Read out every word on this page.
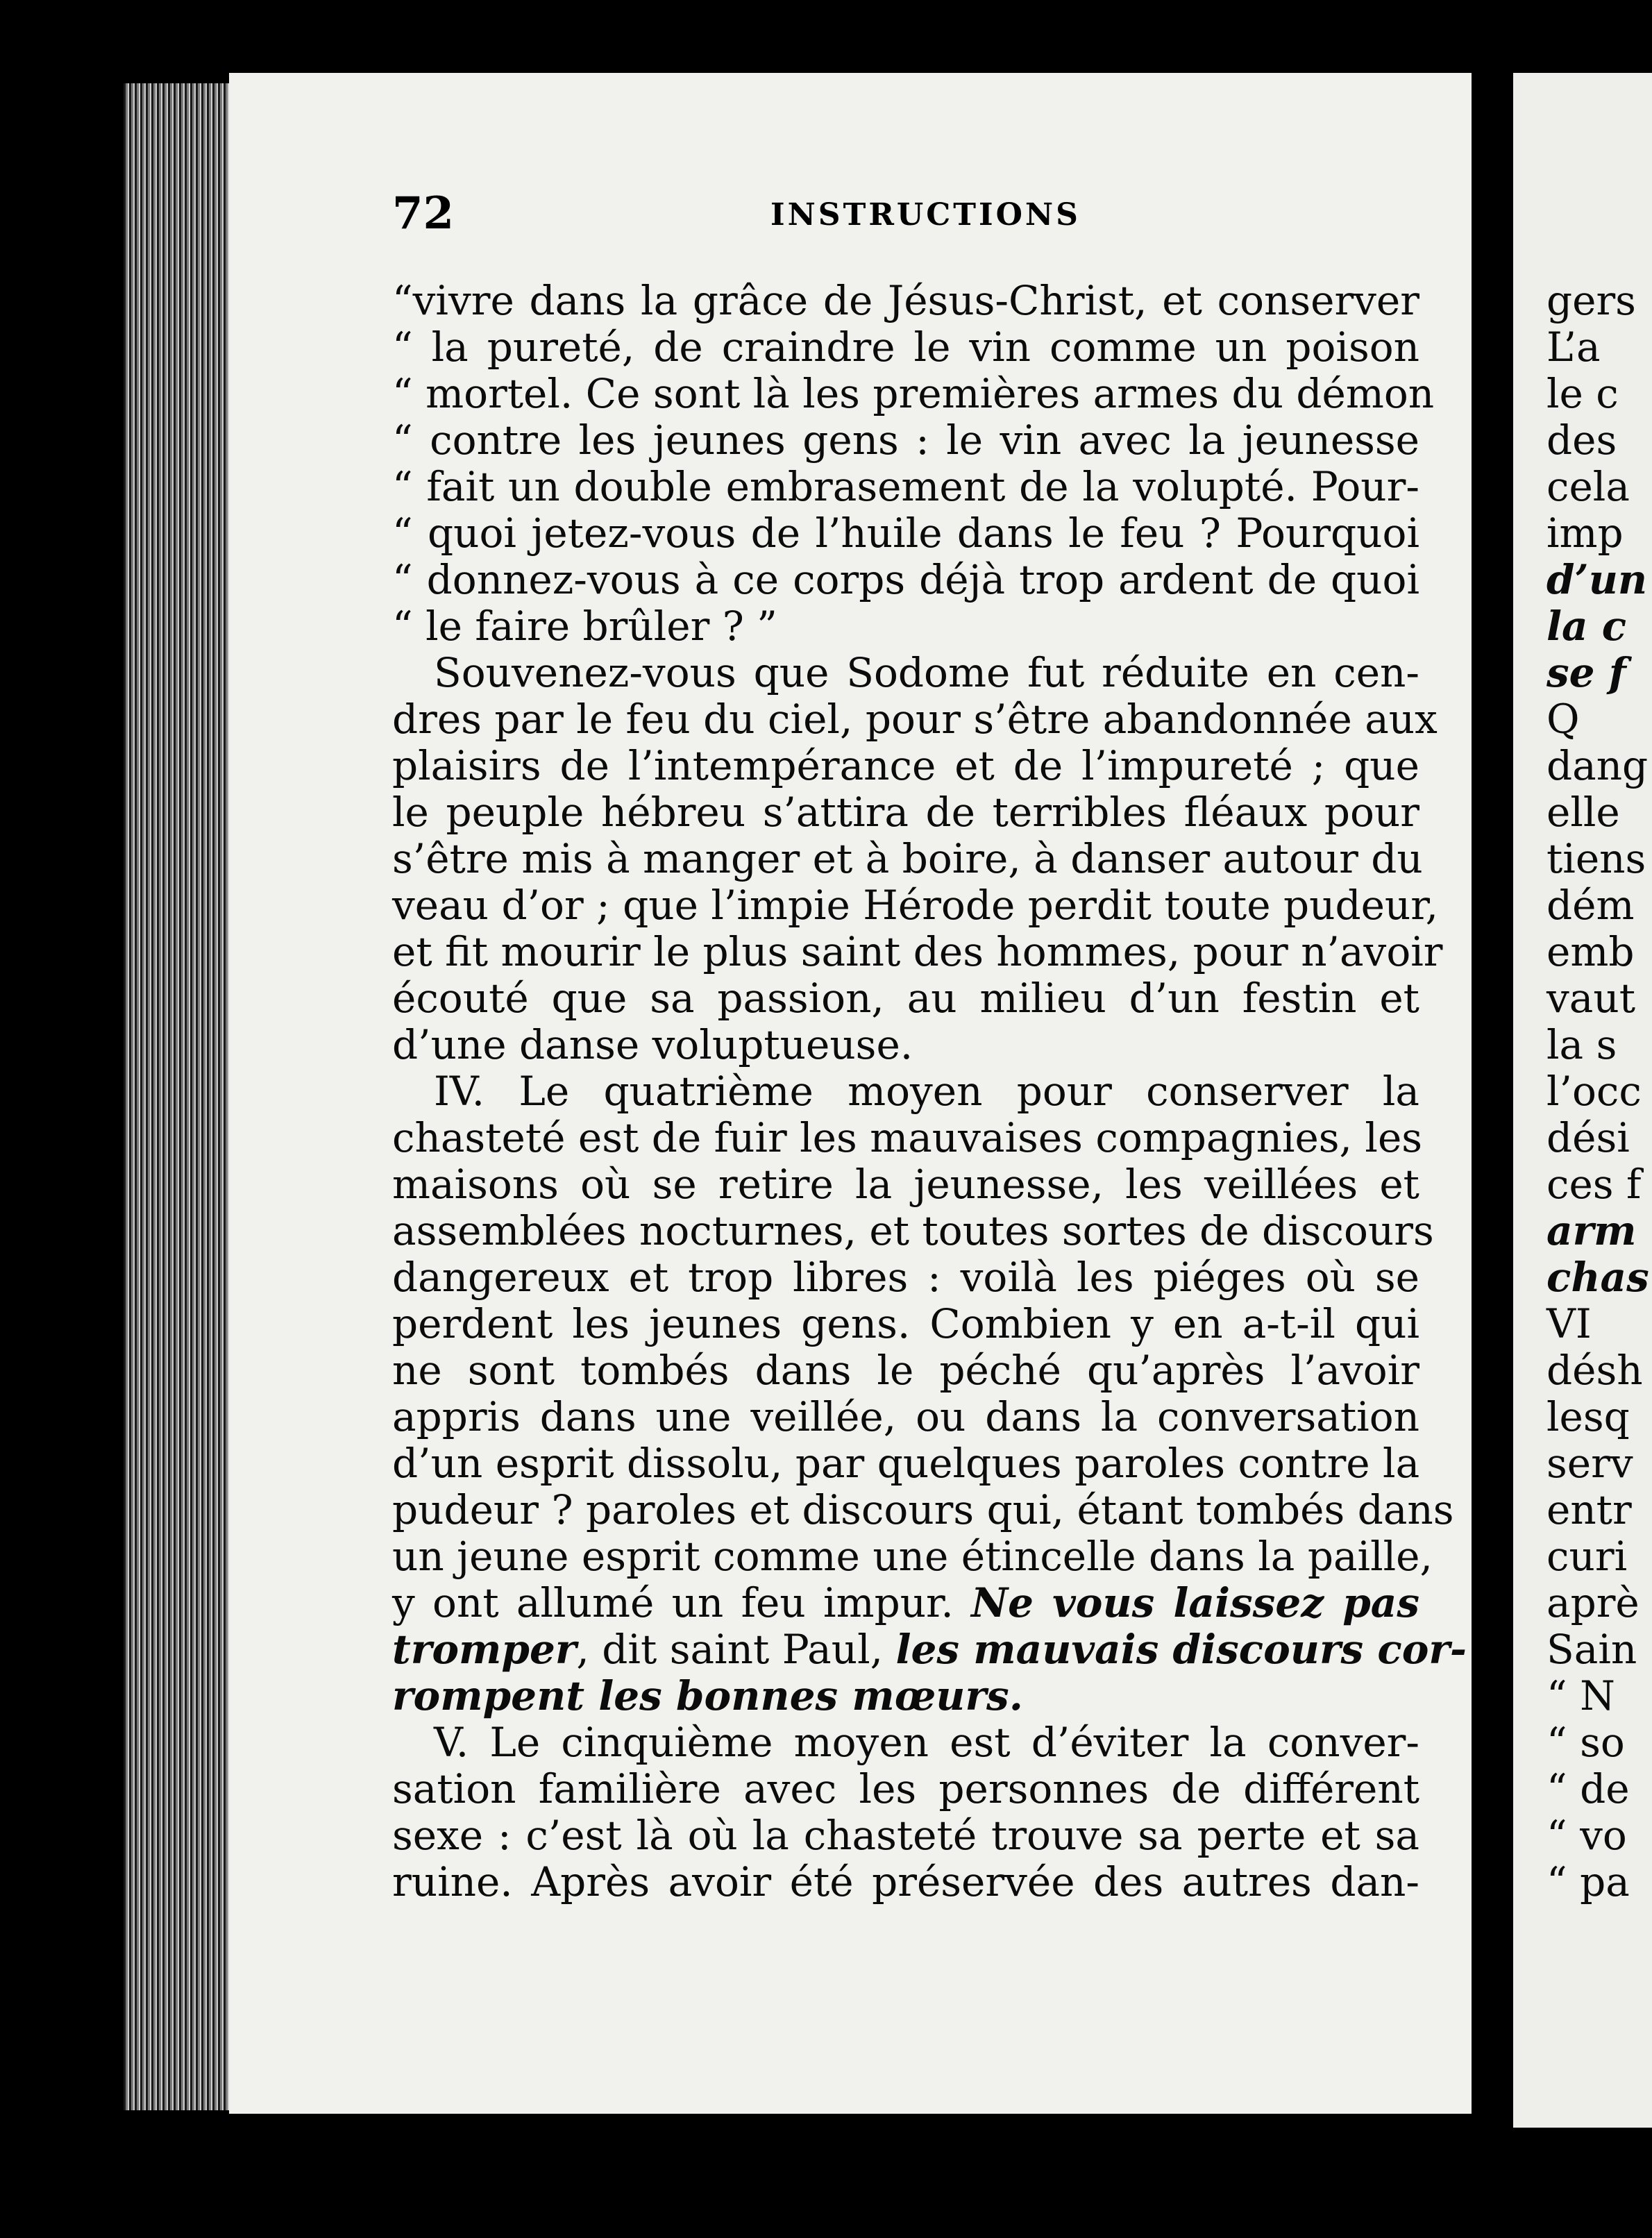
72	INSTRUCTIONS
“vivre dans la grâce de Jésus-Christ, et conserver
“ la pureté, de craindre le vin comme un poison
“ mortel. Ce sont là les premières armes du démon
“ contre les jeunes gens : le vin avec la jeunesse
“ fait un double embrasement de la volupté. Pour-
“ quoi jetez-vous de l’huile dans le feu ? Pourquoi
“ donnez-vous à ce corps déjà trop ardent de quoi
“ le faire brûler ? ”
Souvenez-vous que Sodome fut réduite en cen-
dres par le feu du ciel, pour s’être abandonnée aux
plaisirs de l’intempérance et de l’impureté ; que
le peuple hébreu s’attira de terribles fléaux pour
s’être mis à manger et à boire, à danser autour du
veau d’or ; que l’impie Hérode perdit toute pudeur,
et fit mourir le plus saint des hommes, pour n’avoir
écouté que sa passion, au milieu d’un festin et
d’une danse voluptueuse.
IV. Le quatrième moyen pour conserver la
chasteté est de fuir les mauvaises compagnies, les
maisons où se retire la jeunesse, les veillées et
assemblées nocturnes, et toutes sortes de discours
dangereux et trop libres : voilà les piéges où se
perdent les jeunes gens. Combien y en a-t-il qui
ne sont tombés dans le péché qu’après l’avoir
appris dans une veillée, ou dans la conversation
d’un esprit dissolu, par quelques paroles contre la
pudeur ? paroles et discours qui, étant tombés dans
un jeune esprit comme une étincelle dans la paille,
y ont allumé un feu impur. Ne vous laissez pas
tromper, dit saint Paul, les mauvais discours cor-
rompent les bonnes mœurs.
V. Le cinquième moyen est d’éviter la conver-
sation familière avec les personnes de différent
sexe : c’est là où la chasteté trouve sa perte et sa
ruine. Après avoir été préservée des autres dan-
gers
L’a
le c
des
cela
imp
d’un
la c
se f
Q
dang
elle
tiens
dém
emb
vaut
la s
l’occ
dési
ces f
arm
chas
VI
désh
lesq
serv
entr
curi
aprè
Sain
“ N
“ so
“ de
“ vo
“ pa
